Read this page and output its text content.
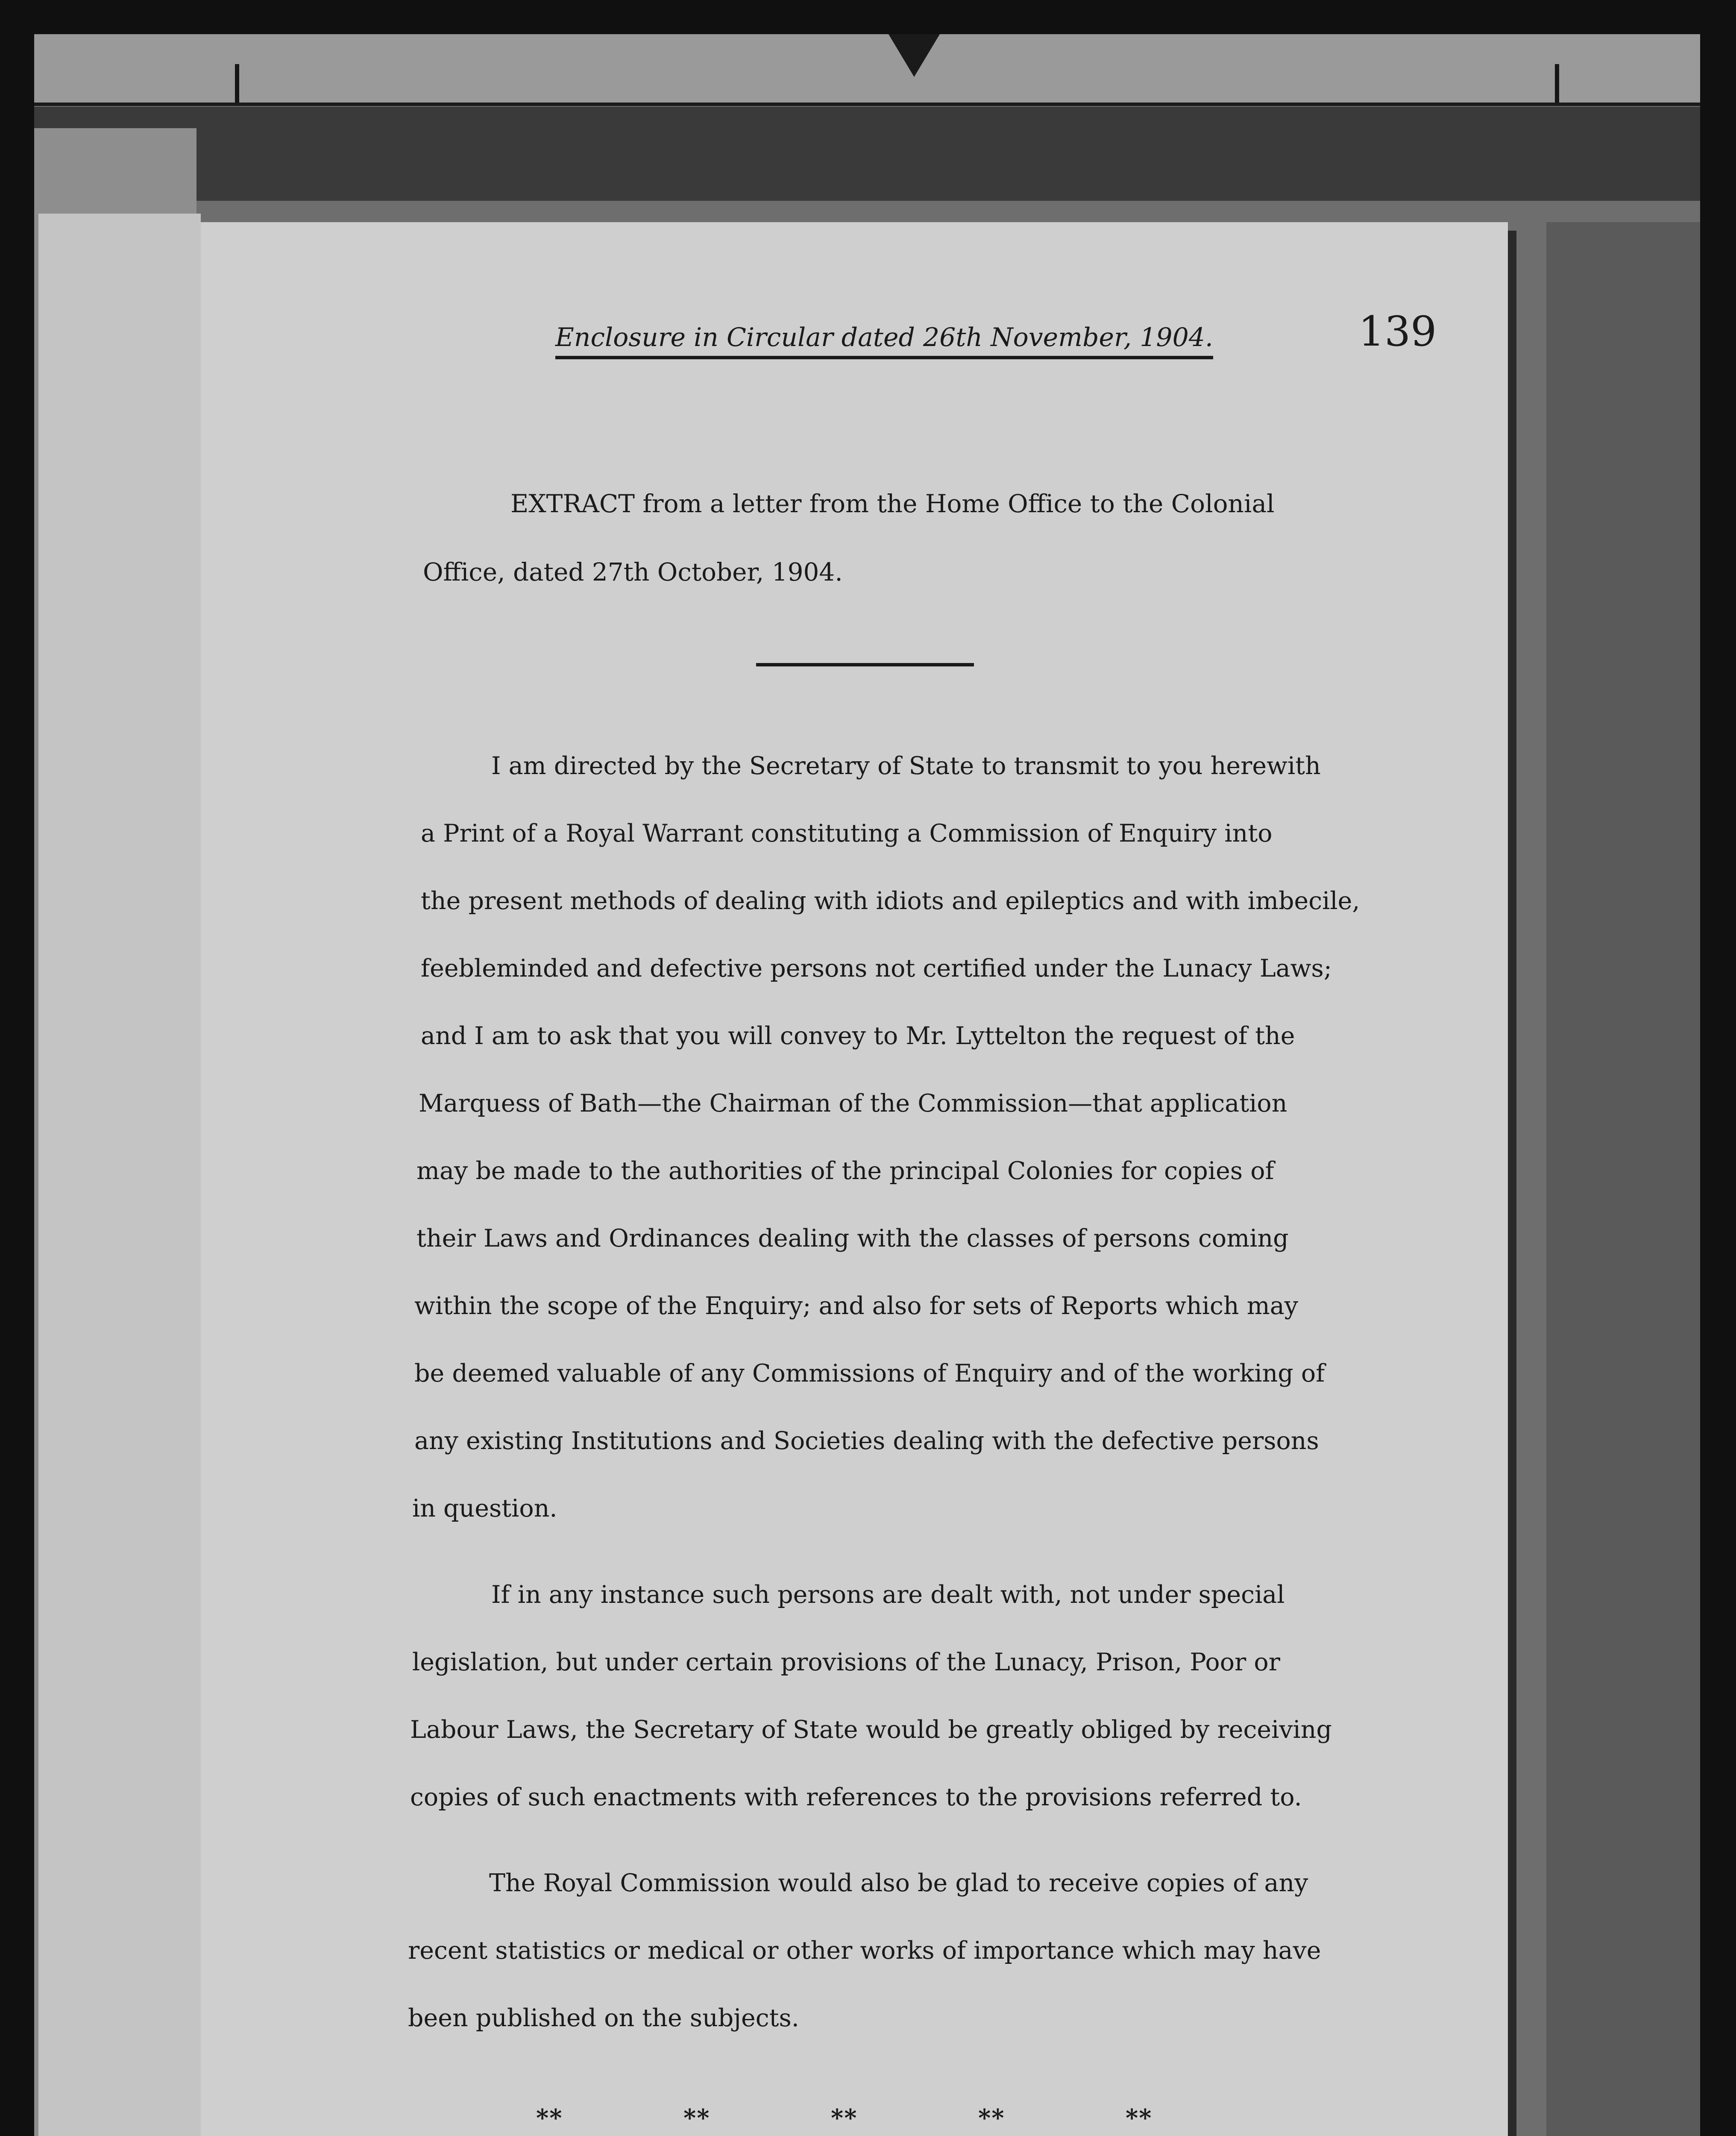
Enclosure in Circular dated 26th November, 1904.	139
EXTRACT from a letter from the Home Office to the Colonial
Office, dated 27th October, 1904.
I am directed by the Secretary of State to transmit to you herewith
a Print of a Royal Warrant constituting a Commission of Enquiry into
the present methods of dealing with idiots and epileptics and with imbecile,
feebleminded and defective persons not certified under the Lunacy Laws;
and I am to ask that you will convey to Mr. Lyttelton the request of the
Marquess of Bath—the Chairman of the Commission—that application
may be made to the authorities of the principal Colonies for copies of
their Laws and Ordinances dealing with the classes of persons coming
within the scope of the Enquiry; and also for sets of Reports which may
be deemed valuable of any Commissions of Enquiry and of the working of
any existing Institutions and Societies dealing with the defective persons
in question.
If in any instance such persons are dealt with, not under special
legislation, but under certain provisions of the Lunacy, Prison, Poor or
Labour Laws, the Secretary of State would be greatly obliged by receiving
copies of such enactments with references to the provisions referred to.
The Royal Commission would also be glad to receive copies of any
recent statistics or medical or other works of importance which may have
been published on the subjects.
**	**	**	**	**
